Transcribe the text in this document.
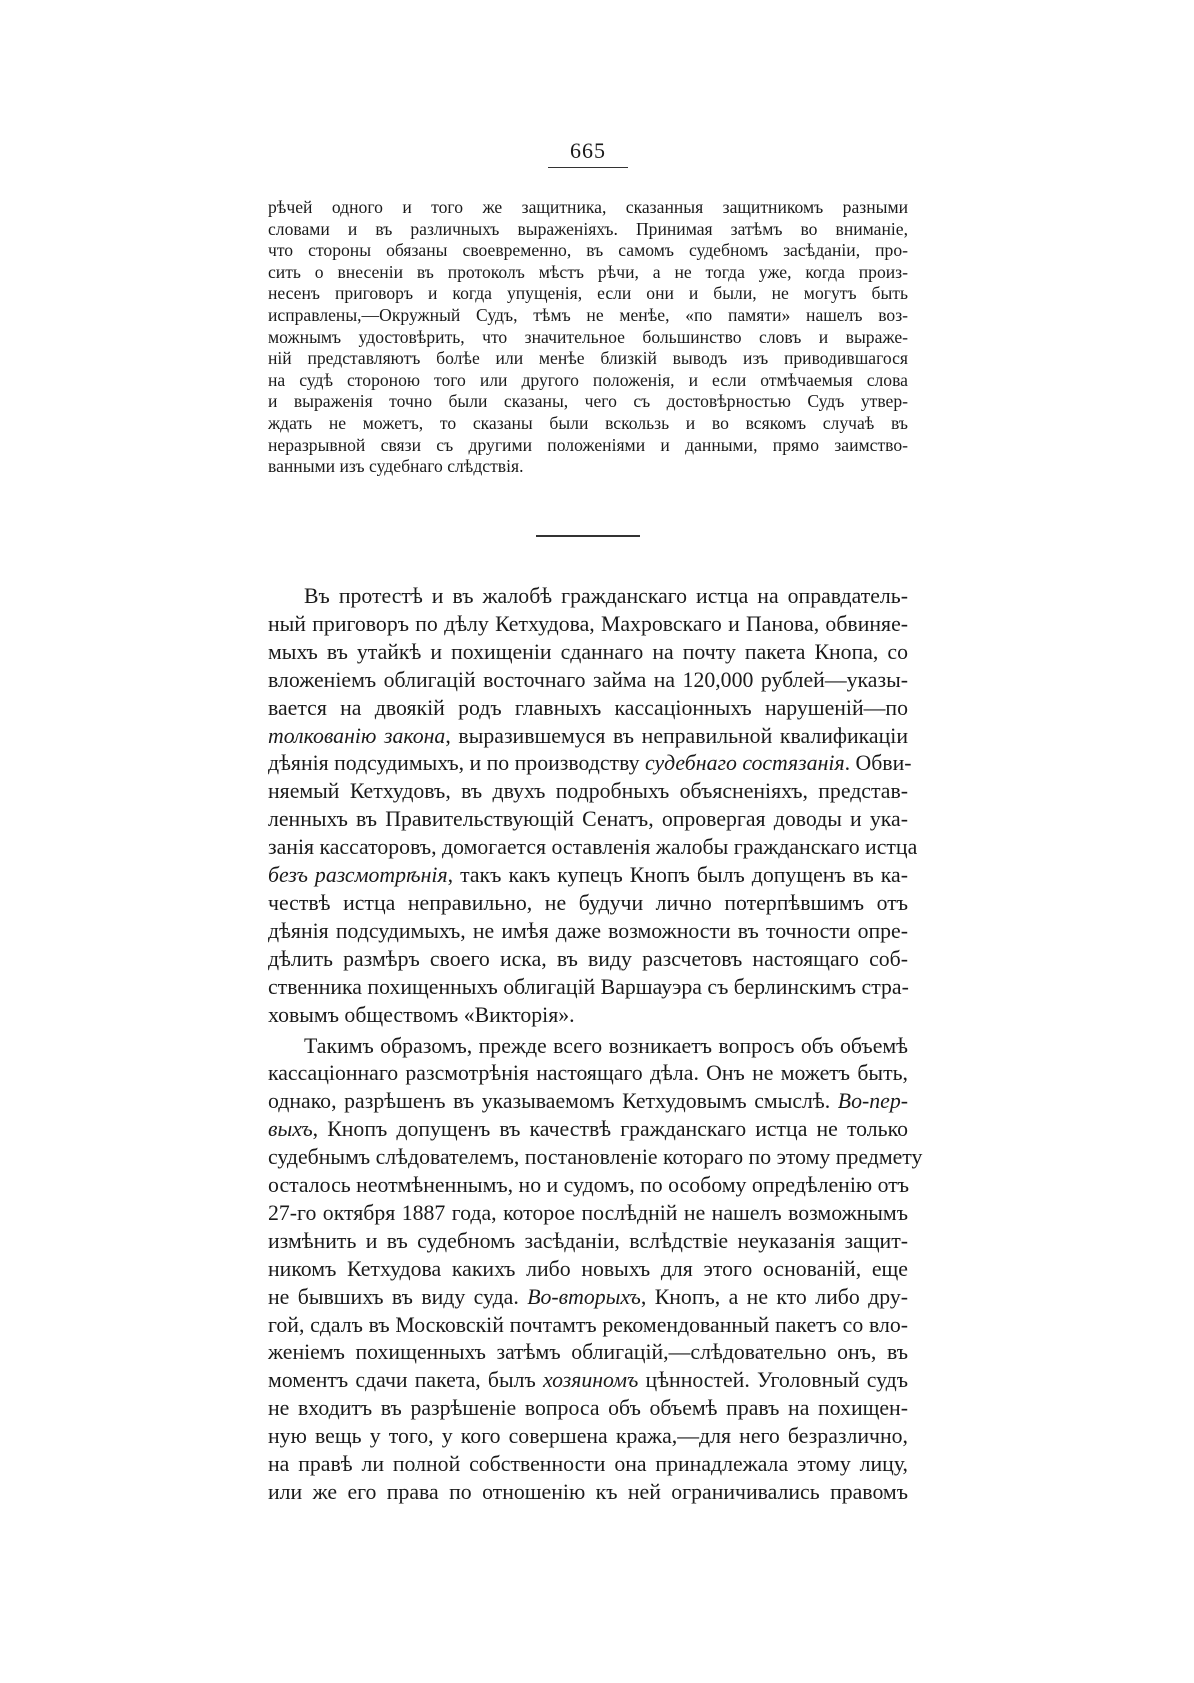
665
рѣчей одного и того же защитника, сказанныя защитникомъ разными
словами и въ различныхъ выраженіяхъ. Принимая затѣмъ во вниманіе,
что стороны обязаны своевременно, въ самомъ судебномъ засѣданіи, про-
сить о внесеніи въ протоколъ мѣстъ рѣчи, а не тогда уже, когда произ-
несенъ приговоръ и когда упущенія, если они и были, не могутъ быть
исправлены,—Окружный Судъ, тѣмъ не менѣе, «по памяти» нашелъ воз-
можнымъ удостовѣрить, что значительное большинство словъ и выраже-
ній представляютъ болѣе или менѣе близкій выводъ изъ приводившагося
на судѣ стороною того или другого положенія, и если отмѣчаемыя слова
и выраженія точно были сказаны, чего съ достовѣрностью Судъ утвер-
ждать не можетъ, то сказаны были вскользь и во всякомъ случаѣ въ
неразрывной связи съ другими положеніями и данными, прямо заимство-
ванными изъ судебнаго слѣдствія.
Въ протестѣ и въ жалобѣ гражданскаго истца на оправдатель-
ный приговоръ по дѣлу Кетхудова, Махровскаго и Панова, обвиняе-
мыхъ въ утайкѣ и похищеніи сданнаго на почту пакета Кнопа, со
вложеніемъ облигацій восточнаго займа на 120,000 рублей—указы-
вается на двоякій родъ главныхъ кассаціонныхъ нарушеній—по
толкованію закона, выразившемуся въ неправильной квалификаціи
дѣянія подсудимыхъ, и по производству судебнаго состязанія. Обви-
няемый Кетхудовъ, въ двухъ подробныхъ объясненіяхъ, представ-
ленныхъ въ Правительствующій Сенатъ, опровергая доводы и ука-
занія кассаторовъ, домогается оставленія жалобы гражданскаго истца
безъ разсмотрѣнія, такъ какъ купецъ Кнопъ былъ допущенъ въ ка-
чествѣ истца неправильно, не будучи лично потерпѣвшимъ отъ
дѣянія подсудимыхъ, не имѣя даже возможности въ точности опре-
дѣлить размѣръ своего иска, въ виду разсчетовъ настоящаго соб-
ственника похищенныхъ облигацій Варшауэра съ берлинскимъ стра-
ховымъ обществомъ «Викторія».
Такимъ образомъ, прежде всего возникаетъ вопросъ объ объемѣ
кассаціоннаго разсмотрѣнія настоящаго дѣла. Онъ не можетъ быть,
однако, разрѣшенъ въ указываемомъ Кетхудовымъ смыслѣ. Во-пер-
выхъ, Кнопъ допущенъ въ качествѣ гражданскаго истца не только
судебнымъ слѣдователемъ, постановленіе котораго по этому предмету
осталось неотмѣненнымъ, но и судомъ, по особому опредѣленію отъ
27-го октября 1887 года, которое послѣдній не нашелъ возможнымъ
измѣнить и въ судебномъ засѣданіи, вслѣдствіе неуказанія защит-
никомъ Кетхудова какихъ либо новыхъ для этого основаній, еще
не бывшихъ въ виду суда. Во-вторыхъ, Кнопъ, а не кто либо дру-
гой, сдалъ въ Московскій почтамтъ рекомендованный пакетъ со вло-
женіемъ похищенныхъ затѣмъ облигацій,—слѣдовательно онъ, въ
моментъ сдачи пакета, былъ хозяиномъ цѣнностей. Уголовный судъ
не входитъ въ разрѣшеніе вопроса объ объемѣ правъ на похищен-
ную вещь у того, у кого совершена кража,—для него безразлично,
на правѣ ли полной собственности она принадлежала этому лицу,
или же его права по отношенію къ ней ограничивались правомъ
